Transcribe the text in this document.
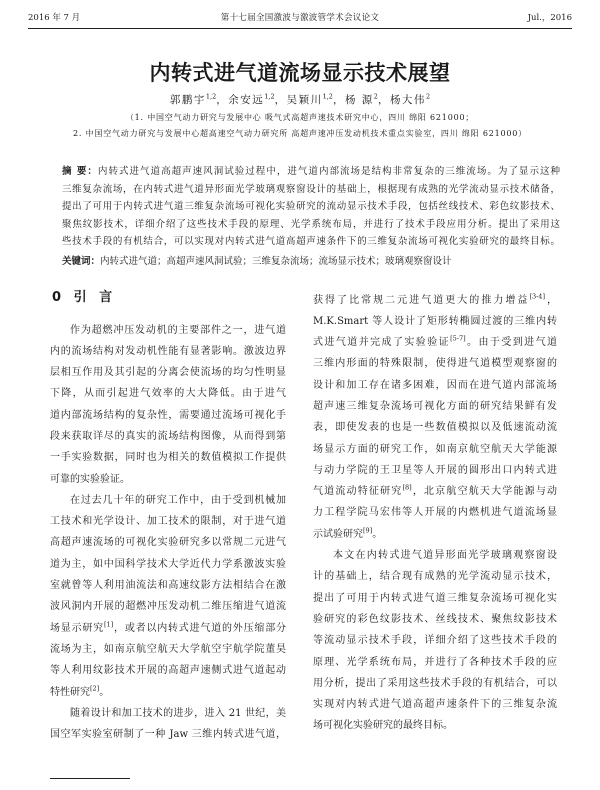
2016 年 7 月	第十七届全国激波与激波管学术会议论文	Jul.，2016
内转式进气道流场显示技术展望
郭鹏宇$^{1,2}$，余安远$^{1,2}$，吴颖川$^{1,2}$，杨 源$^2$，杨大伟$^2$
（1. 中国空气动力研究与发展中心 吸气式高超声速技术研究中心，四川 绵阳 621000；
2. 中国空气动力研究与发展中心超高速空气动力研究所 高超声速冲压发动机技术重点实验室，四川 绵阳 621000）
摘 要：内转式进气道高超声速风洞试验过程中，进气道内部流场是结构非常复杂的三维流场。为了显示这种
三维复杂流场，在内转式进气道异形面光学玻璃观察窗设计的基础上，根据现有成熟的光学流动显示技术储备，
提出了可用于内转式进气道三维复杂流场可视化实验研究的流动显示技术手段，包括丝线技术、彩色纹影技术、
聚焦纹影技术，详细介绍了这些技术手段的原理、光学系统布局，并进行了技术手段应用分析。提出了采用这
些技术手段的有机结合，可以实现对内转式进气道高超声速条件下的三维复杂流场可视化实验研究的最终目标。
关键词：内转式进气道；高超声速风洞试验；三维复杂流场；流场显示技术；玻璃观察窗设计
0 引 言
作为超燃冲压发动机的主要部件之一，进气道
内的流场结构对发动机性能有显著影响。激波边界
层相互作用及其引起的分离会使流场的均匀性明显
下降，从而引起进气效率的大大降低。由于进气
道内部流场结构的复杂性，需要通过流场可视化手
段来获取详尽的真实的流场结构图像，从而得到第
一手实验数据，同时也为相关的数值模拟工作提供
可靠的实验验证。
在过去几十年的研究工作中，由于受到机械加
工技术和光学设计、加工技术的限制，对于进气道
高超声速流场的可视化实验研究多以常规二元进气
道为主，如中国科学技术大学近代力学系激波实验
室就曾等人利用油流法和高速纹影方法相结合在激
波风洞内开展的超燃冲压发动机二维压缩进气道流
场显示研究[1]，或者以内转式进气道的外压缩部分
流场为主，如南京航空航天大学航空宇航学院董昊
等人利用纹影技术开展的高超声速侧式进气道起动
特性研究[2]。
随着设计和加工技术的进步，进入 21 世纪，美
国空军实验室研制了一种 Jaw 三维内转式进气道，
获得了比常规二元进气道更大的推力增益[3-4]，
M.K.Smart 等人设计了矩形转椭圆过渡的三维内转
式进气道并完成了实验验证[5-7]。由于受到进气道
三维内形面的特殊限制，使得进气道模型观察窗的
设计和加工存在诸多困难，因而在进气道内部流场
超声速三维复杂流场可视化方面的研究结果鲜有发
表，即使发表的也是一些数值模拟以及低速流动流
场显示方面的研究工作，如南京航空航天大学能源
与动力学院的王卫星等人开展的圆形出口内转式进
气道流动特征研究[8]，北京航空航天大学能源与动
力工程学院马宏伟等人开展的内燃机进气道流场显
示试验研究[9]。
本文在内转式进气道异形面光学玻璃观察窗设
计的基础上，结合现有成熟的光学流动显示技术，
提出了可用于内转式进气道三维复杂流场可视化实
验研究的彩色纹影技术、丝线技术、聚焦纹影技术
等流动显示技术手段，详细介绍了这些技术手段的
原理、光学系统布局，并进行了各种技术手段的应
用分析，提出了采用这些技术手段的有机结合，可以
实现对内转式进气道高超声速条件下的三维复杂流
场可视化实验研究的最终目标。
